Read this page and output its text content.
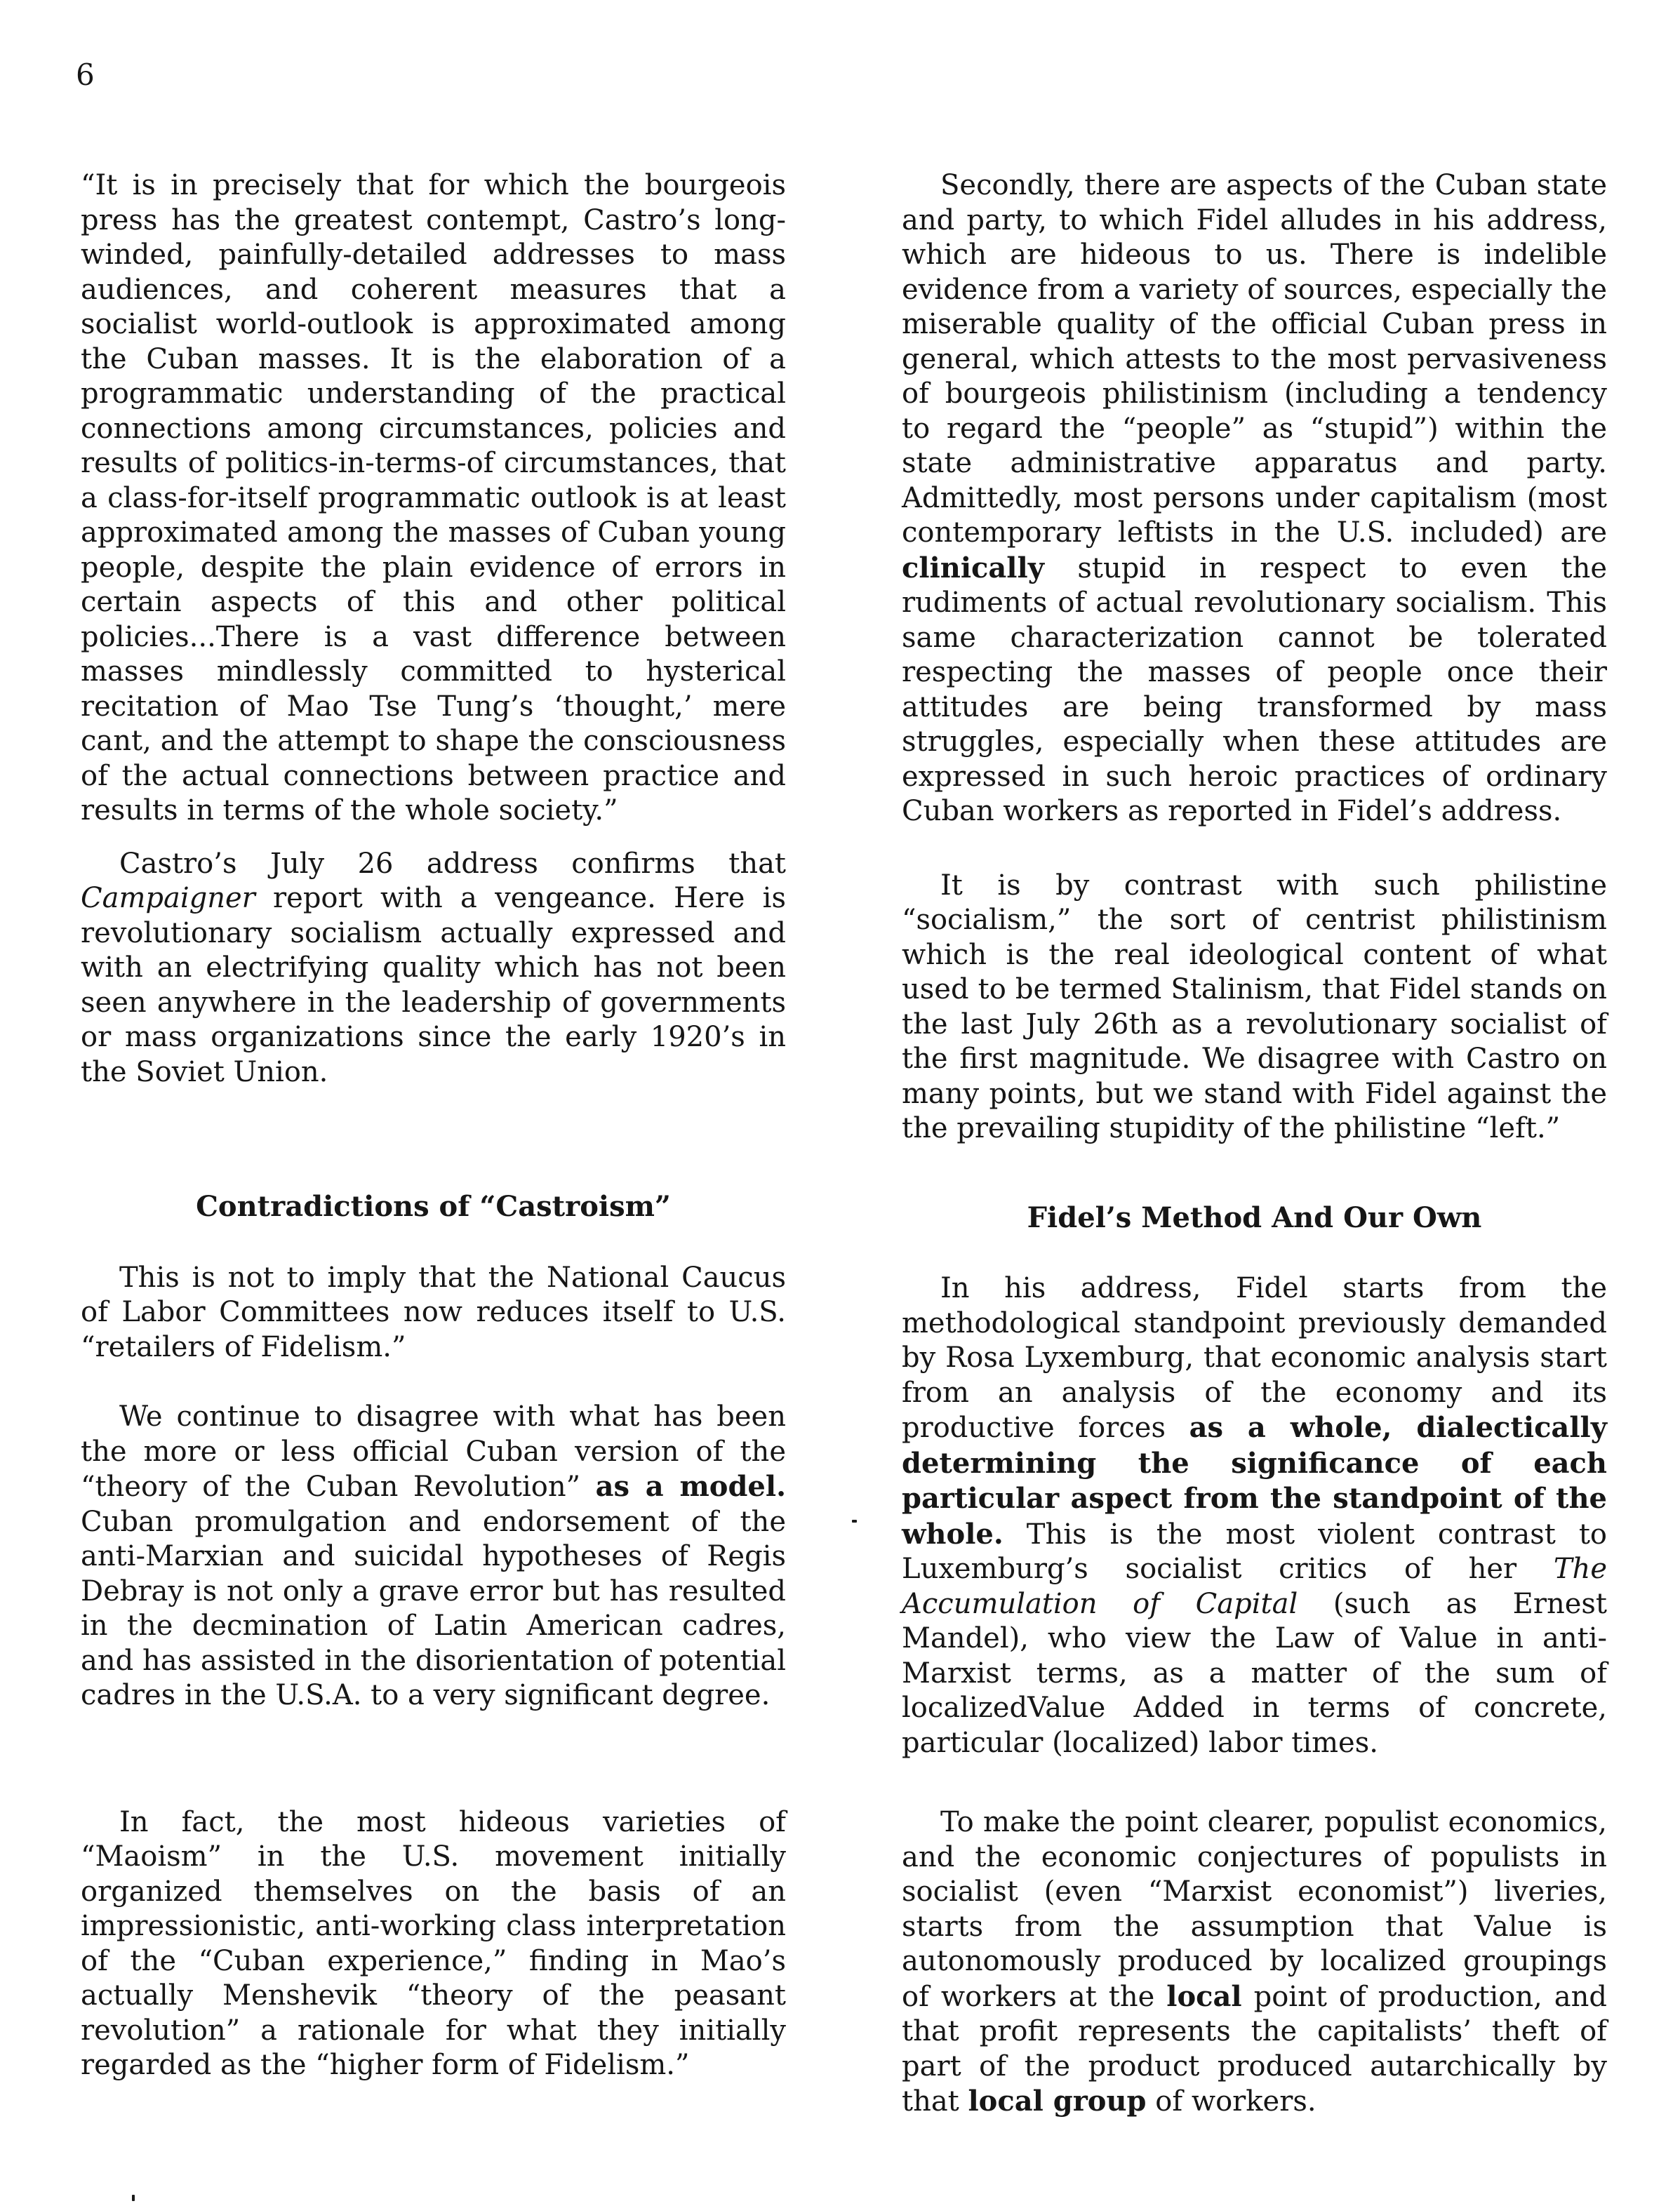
6
“It is in precisely that for which the bourgeois press has the greatest contempt, Castro’s long-winded, painfully-detailed addresses to mass audiences, and coherent measures that a socialist world-outlook is approximated among the Cuban masses. It is the elaboration of a programmatic understanding of the practical connections among circumstances, policies and results of politics-in-terms-of circumstances, that a class-for-itself programmatic outlook is at least approximated among the masses of Cuban young people, despite the plain evidence of errors in certain aspects of this and other political policies...There is a vast difference between masses mindlessly committed to hysterical recitation of Mao Tse Tung’s ‘thought,’ mere cant, and the attempt to shape the consciousness of the actual connections between practice and results in terms of the whole society.”
Castro’s July 26 address confirms that Campaigner report with a vengeance. Here is revolutionary socialism actually expressed and with an electrifying quality which has not been seen anywhere in the leadership of governments or mass organizations since the early 1920’s in the Soviet Union.
Contradictions of “Castroism”
This is not to imply that the National Caucus of Labor Committees now reduces itself to U.S. “retailers of Fidelism.”
We continue to disagree with what has been the more or less official Cuban version of the “theory of the Cuban Revolution” as a model. Cuban promulgation and endorsement of the anti-Marxian and suicidal hypotheses of Regis Debray is not only a grave error but has resulted in the decmination of Latin American cadres, and has assisted in the disorientation of potential cadres in the U.S.A. to a very significant degree.
In fact, the most hideous varieties of “Maoism” in the U.S. movement initially organized themselves on the basis of an impressionistic, anti-working class interpretation of the “Cuban experience,” finding in Mao’s actually Menshevik “theory of the peasant revolution” a rationale for what they initially regarded as the “higher form of Fidelism.”
Secondly, there are aspects of the Cuban state and party, to which Fidel alludes in his address, which are hideous to us. There is indelible evidence from a variety of sources, especially the miserable quality of the official Cuban press in general, which attests to the most pervasiveness of bourgeois philistinism (including a tendency to regard the “people” as “stupid”) within the state administrative apparatus and party. Admittedly, most persons under capitalism (most contemporary leftists in the U.S. included) are clinically stupid in respect to even the rudiments of actual revolutionary socialism. This same characterization cannot be tolerated respecting the masses of people once their attitudes are being transformed by mass struggles, especially when these attitudes are expressed in such heroic practices of ordinary Cuban workers as reported in Fidel’s address.
It is by contrast with such philistine “socialism,” the sort of centrist philistinism which is the real ideological content of what used to be termed Stalinism, that Fidel stands on the last July 26th as a revolutionary socialist of the first magnitude. We disagree with Castro on many points, but we stand with Fidel against the the prevailing stupidity of the philistine “left.”
Fidel’s Method And Our Own
In his address, Fidel starts from the methodological standpoint previously demanded by Rosa Lyxemburg, that economic analysis start from an analysis of the economy and its productive forces as a whole, dialectically determining the significance of each particular aspect from the standpoint of the whole. This is the most violent contrast to Luxemburg’s socialist critics of her The Accumulation of Capital (such as Ernest Mandel), who view the Law of Value in anti-Marxist terms, as a matter of the sum of localizedValue Added in terms of concrete, particular (localized) labor times.
To make the point clearer, populist economics, and the economic conjectures of populists in socialist (even “Marxist economist”) liveries, starts from the assumption that Value is autonomously produced by localized groupings of workers at the local point of production, and that profit represents the capitalists’ theft of part of the product produced autarchically by that local group of workers.
